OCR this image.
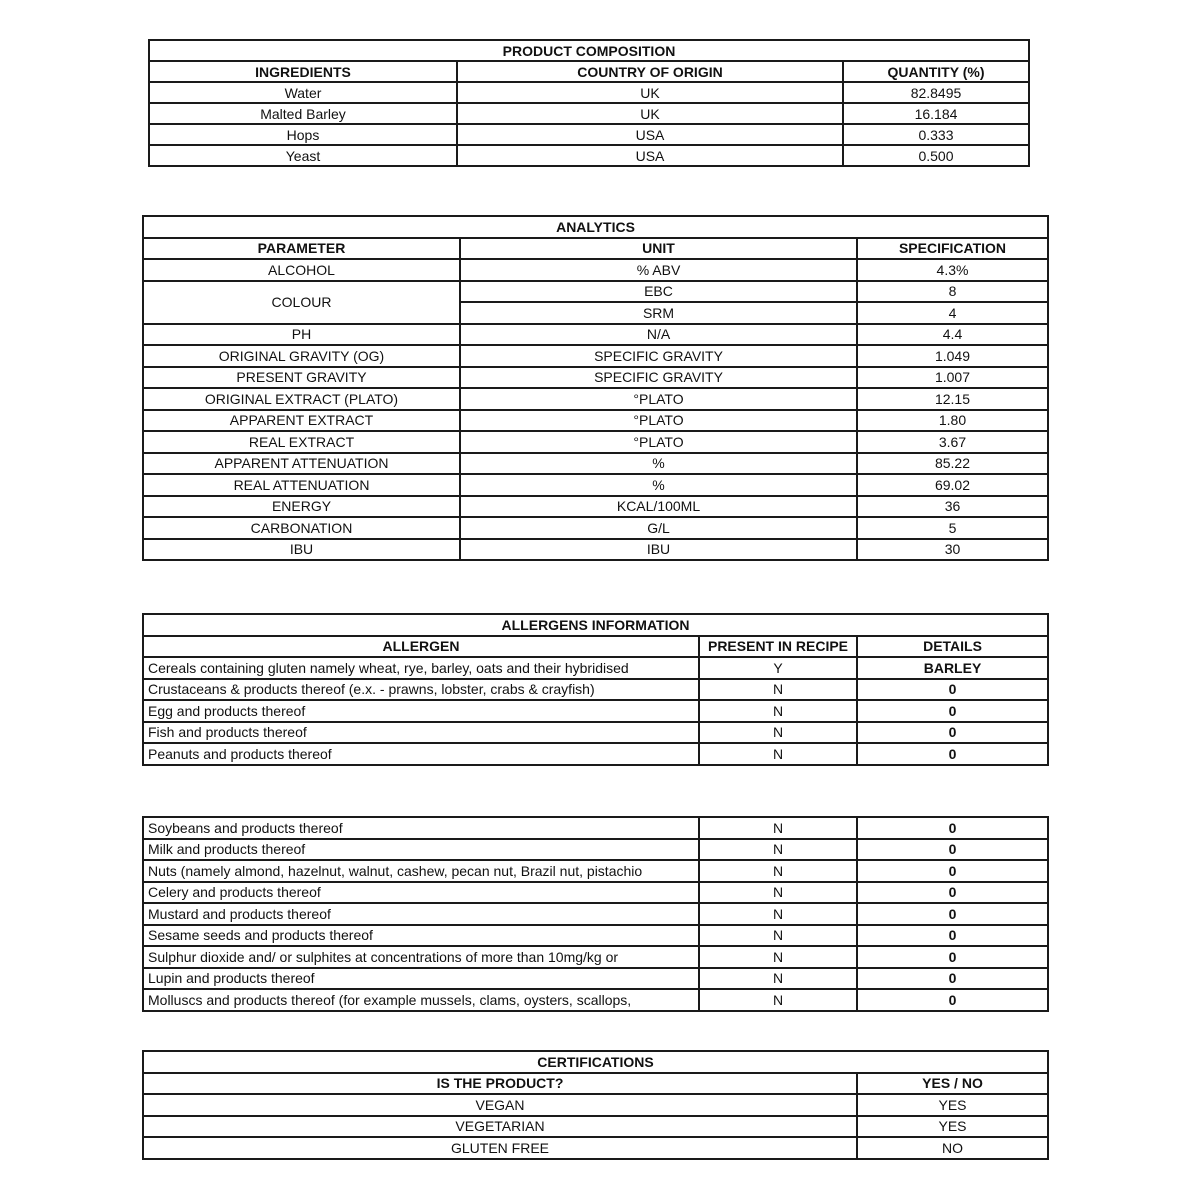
PRODUCT COMPOSITION		
INGREDIENTS	COUNTRY OF ORIGIN	QUANTITY (%)
Water	UK	82.8495
Malted Barley	UK	16.184
Hops	USA	0.333
Yeast	USA	0.500
ANALYTICS		
PARAMETER	UNIT	SPECIFICATION
ALCOHOL	% ABV	4.3%
COLOUR	EBC	8
	SRM	4
PH	N/A	4.4
ORIGINAL GRAVITY (OG)	SPECIFIC GRAVITY	1.049
PRESENT GRAVITY	SPECIFIC GRAVITY	1.007
ORIGINAL EXTRACT (PLATO)	°PLATO	12.15
APPARENT EXTRACT	°PLATO	1.80
REAL EXTRACT	°PLATO	3.67
APPARENT ATTENUATION	%	85.22
REAL ATTENUATION	%	69.02
ENERGY	KCAL/100ML	36
CARBONATION	G/L	5
IBU	IBU	30
ALLERGENS INFORMATION		
ALLERGEN	PRESENT IN RECIPE	DETAILS
Cereals containing gluten namely wheat, rye, barley, oats and their hybridised	Y	BARLEY
Crustaceans & products thereof (e.x. - prawns, lobster, crabs & crayfish)	N	0
Egg and products thereof	N	0
Fish and products thereof	N	0
Peanuts and products thereof	N	0
Soybeans and products thereof	N	0
Milk and products thereof	N	0
Nuts (namely almond, hazelnut, walnut, cashew, pecan nut, Brazil nut, pistachio	N	0
Celery and products thereof	N	0
Mustard and products thereof	N	0
Sesame seeds and products thereof	N	0
Sulphur dioxide and/ or sulphites at concentrations of more than 10mg/kg or	N	0
Lupin and products thereof	N	0
Molluscs and products thereof (for example mussels, clams, oysters, scallops,	N	0
CERTIFICATIONS	
IS THE PRODUCT?	YES / NO
VEGAN	YES
VEGETARIAN	YES
GLUTEN FREE	NO
